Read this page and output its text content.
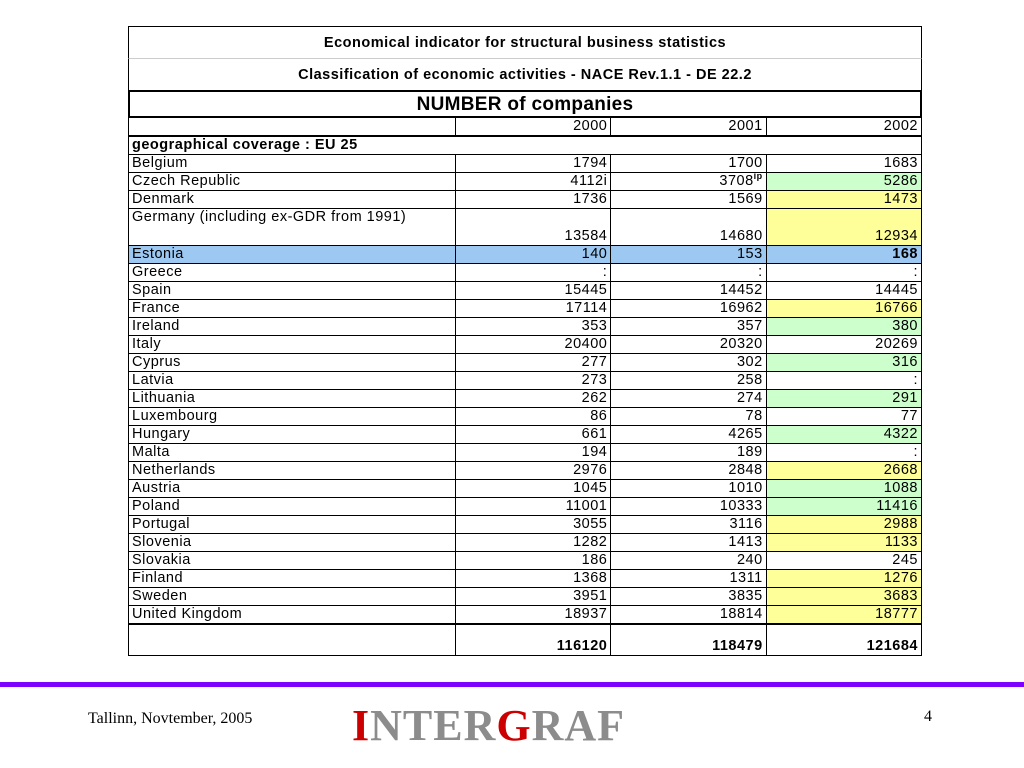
Economical indicator for structural business statistics
Classification of economic activities - NACE Rev.1.1 - DE 22.2
NUMBER of companies
	2000	2001	2002
geographical coverage : EU 25			
Belgium	1794	1700	1683
Czech Republic	4112i	$3708^{ip}$	5286
Denmark	1736	1569	1473
Germany (including ex-GDR from 1991)	13584	14680	12934
Estonia	140	153	168
Greece	:	:	:
Spain	15445	14452	14445
France	17114	16962	16766
Ireland	353	357	380
Italy	20400	20320	20269
Cyprus	277	302	316
Latvia	273	258	:
Lithuania	262	274	291
Luxembourg	86	78	77
Hungary	661	4265	4322
Malta	194	189	:
Netherlands	2976	2848	2668
Austria	1045	1010	1088
Poland	11001	10333	11416
Portugal	3055	3116	2988
Slovenia	1282	1413	1133
Slovakia	186	240	245
Finland	1368	1311	1276
Sweden	3951	3835	3683
United Kingdom	18937	18814	18777
	116120	118479	121684
Tallinn, Novtember, 2005	INTERGRAF	4
